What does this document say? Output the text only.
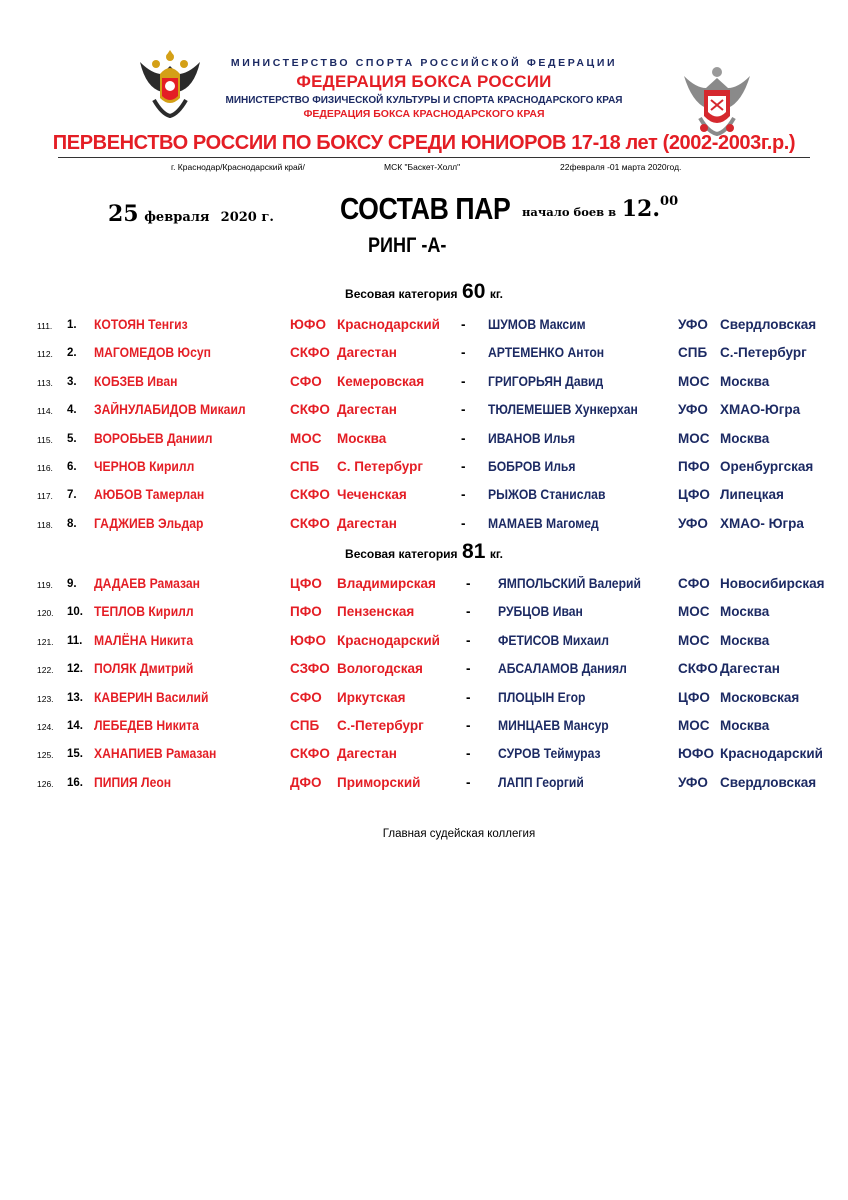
МИНИСТЕРСТВО СПОРТА РОССИЙСКОЙ ФЕДЕРАЦИИ
ФЕДЕРАЦИЯ БОКСА РОССИИ
МИНИСТЕРСТВО ФИЗИЧЕСКОЙ КУЛЬТУРЫ И СПОРТА КРАСНОДАРСКОГО КРАЯ
ФЕДЕРАЦИЯ БОКСА КРАСНОДАРСКОГО КРАЯ
ПЕРВЕНСТВО РОССИИ ПО БОКСУ СРЕДИ ЮНИОРОВ 17-18 лет (2002-2003г.р.)
г. Краснодар/Краснодарский край/	МСК "Баскет-Холл"	22февраля -01 марта 2020год.
25 февраля 2020 г. СОСТАВ ПАР
РИНГ -А-
начало боев в 12.00
Весовая категория 60 кг.
111. 1. КОТОЯН Тенгиз	ЮФО Краснодарский - ШУМОВ Максим	УФО Свердловская
112. 2. МАГОМЕДОВ Юсуп	СКФО Дагестан	- АРТЕМЕНКО Антон	СПБ С.-Петербург
113. 3. КОБЗЕВ Иван	СФО Кемеровская	- ГРИГОРЬЯН Давид	МОС Москва
114. 4. ЗАЙНУЛАБИДОВ Микаил	СКФО Дагестан	- ТЮЛЕМЕШЕВ Хункерхан	УФО ХМАО-Югра
115. 5. ВОРОБЬЕВ Даниил	МОС Москва	- ИВАНОВ Илья	МОС Москва
116. 6. ЧЕРНОВ Кирилл	СПБ С. Петербург	- БОБРОВ Илья	ПФО Оренбургская
117. 7. АЮБОВ Тамерлан	СКФО Чеченская	- РЫЖОВ Станислав	ЦФО Липецкая
118. 8. ГАДЖИЕВ Эльдар	СКФО Дагестан	- МАМАЕВ Магомед	УФО ХМАО- Югра
Весовая категория 81 кг.
119. 9. ДАДАЕВ Рамазан	ЦФО Владимирская - ЯМПОЛЬСКИЙ Валерий	СФО Новосибирская
120. 10. ТЕПЛОВ Кирилл	ПФО Пензенская	- РУБЦОВ Иван	МОС Москва
121. 11. МАЛЁНА Никита	ЮФО Краснодарский - ФЕТИСОВ Михаил	МОС Москва
122. 12. ПОЛЯК Дмитрий	СЗФО Вологодская	- АБСАЛАМОВ Даниял	СКФО Дагестан
123. 13. КАВЕРИН Василий	СФО Иркутская	- ПЛОЦЫН Егор	ЦФО Московская
124. 14. ЛЕБЕДЕВ Никита	СПБ С.-Петербург	- МИНЦАЕВ Мансур	МОС Москва
125. 15. ХАНАПИЕВ Рамазан	СКФО Дагестан	- СУРОВ Теймураз	ЮФО Краснодарский
126. 16. ПИПИЯ Леон	ДФО Приморский	- ЛАПП Георгий	УФО Свердловская
Главная судейская коллегия
